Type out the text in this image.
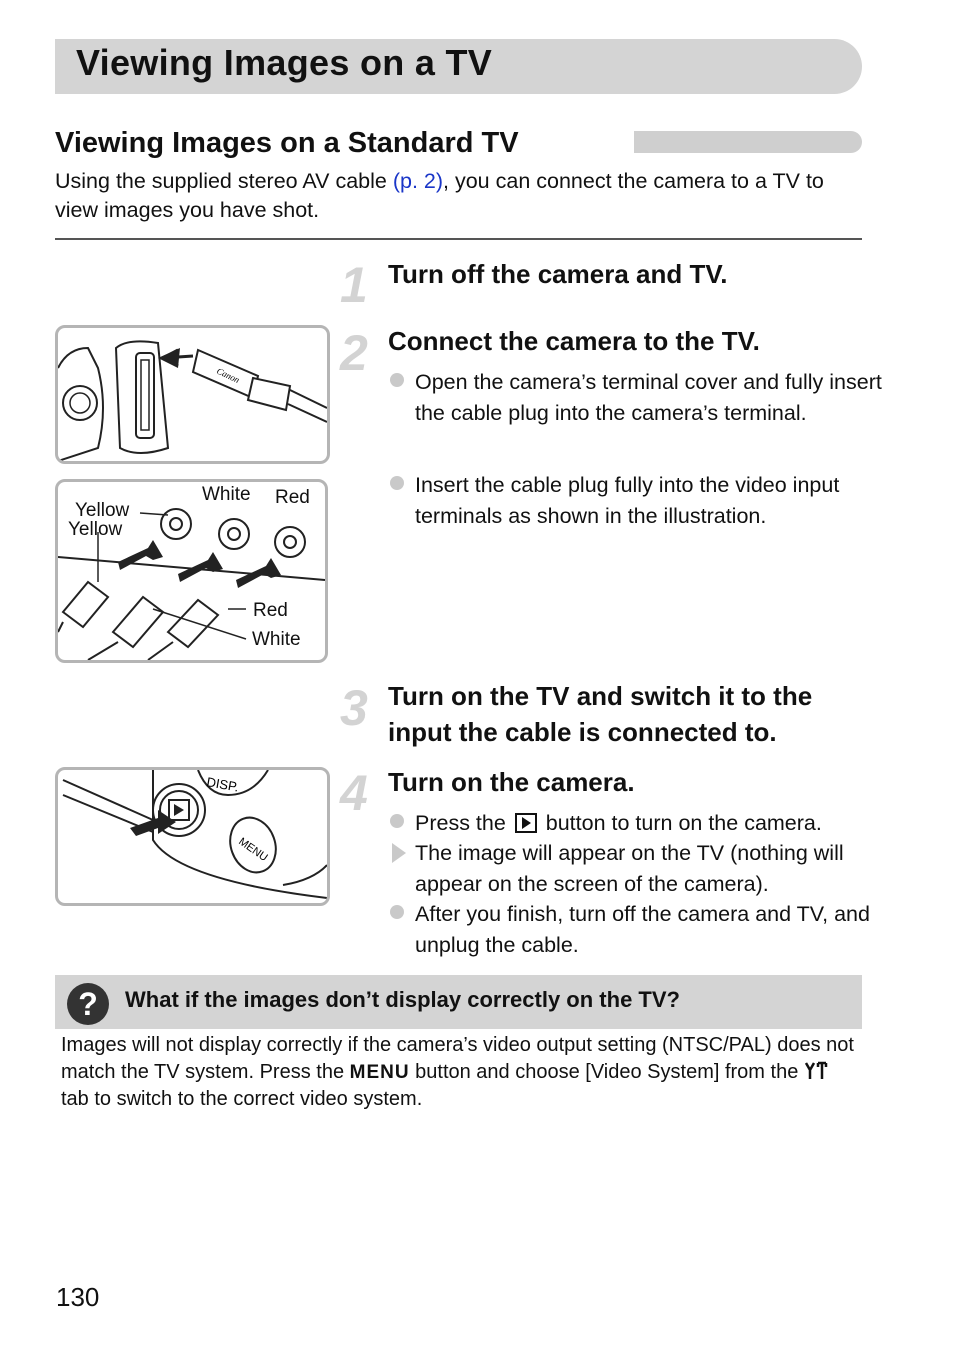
Viewing Images on a TV
Viewing Images on a Standard TV
Using the supplied stereo AV cable (p. 2), you can connect the camera to a TV to view images you have shot.
1 Turn off the camera and TV.
2 Connect the camera to the TV.
Open the camera’s terminal cover and fully insert the cable plug into the camera’s terminal.
Insert the cable plug fully into the video input terminals as shown in the illustration.
Canon
Yellow
Yellow
White Red
Red
White
3 Turn on the TV and switch it to the input the cable is connected to.
4 Turn on the camera.
Press the  button to turn on the camera.
The image will appear on the TV (nothing will appear on the screen of the camera).
After you finish, turn off the camera and TV, and unplug the cable.
DISP.
MENU
?	What if the images don’t display correctly on the TV?
Images will not display correctly if the camera’s video output setting (NTSC/PAL) does not match the TV system. Press the MENU button and choose [Video System] from the  tab to switch to the correct video system.
130
